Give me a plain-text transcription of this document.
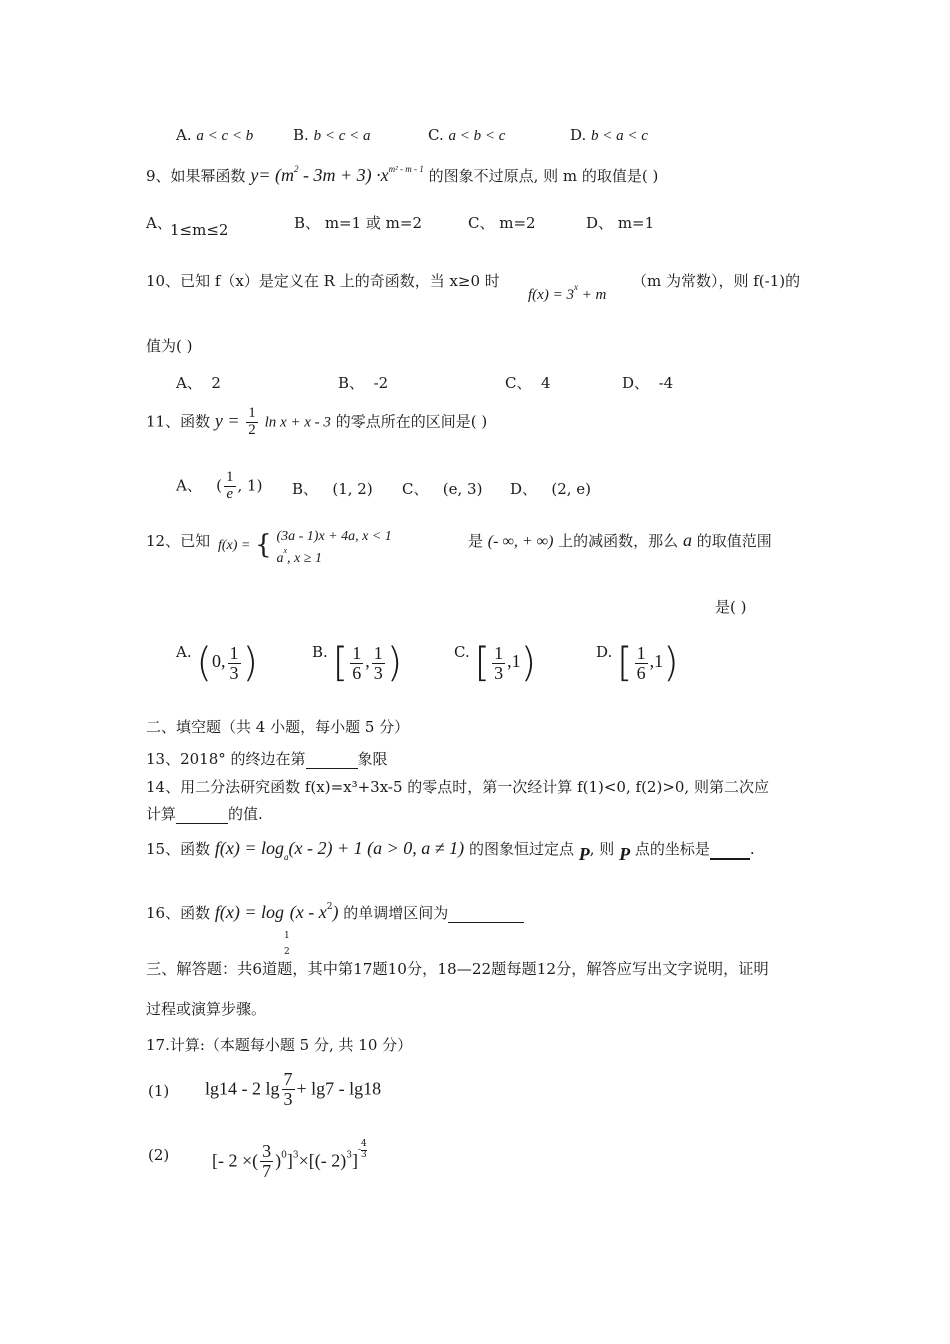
A. a < c < b	B. b < c < a	C. a < b < c	D. b < a < c
9、如果幂函数 $y= (m^2 - 3m + 3) \cdot x^{m^2 - m - 1}$ 的图象不过原点, 则 m 的取值是( )
A、
1≤m≤2	B、 m=1 或 m=2	C、 m=2	D、 m=1
10、已知 f（x）是定义在 R 上的奇函数，当 x≥0 时
$f(x) = 3^x + m$
（m 为常数），则 f(-1)的
值为( )
A、 2	B、 -2	C、 4	D、 -4
11、函数 $y = \frac{1}{2}$ ln x + x - 3 的零点所在的区间是( )
A、 ( $\frac{1}{e}$ , 1) B、 (1, 2) C、 (e, 3) D、 (2, e)
12、已知 f(x) = { (3a - 1)x + 4a, x < 1
$a^x$, x ≥ 1
是 (- ∞, + ∞) 上的减函数，那么 a 的取值范围
是( )
A. (0, $\frac{1}{3}$ )	B. [ $\frac{1}{6}$ , $\frac{1}{3}$ )	C. [ $\frac{1}{3} ,1$)	D. [ $\frac{1}{6} ,1$)
二、填空题（共 4 小题，每小题 5 分）
13、2018° 的终边在第	象限
14、用二分法研究函数 f(x)=x³+3x-5 的零点时，第一次经计算 f(1)<0, f(2)>0, 则第二次应
计算	的值.
15、函数 $f(x) = \log_a(x - 2) + 1$ (a > 0, a ≠ 1) 的图象恒过定点 P, 则 P 点的坐标是	.
16、函数 f(x) = log
1
2
$(x - x^2)$ 的单调增区间为
三、解答题：共6道题，其中第17题10分，18—22题每题12分，解答应写出文字说明，证明
过程或演算步骤。
17.计算:（本题每小题 5 分, 共 10 分）
(1) lg14 - 2 $\lg \frac{7}{3} + \lg 7 - \lg 18$
(2) [- 2 ×( $\frac{3}{7} )^0]^3\times[(-$ 2)$^3$] -
4
3
